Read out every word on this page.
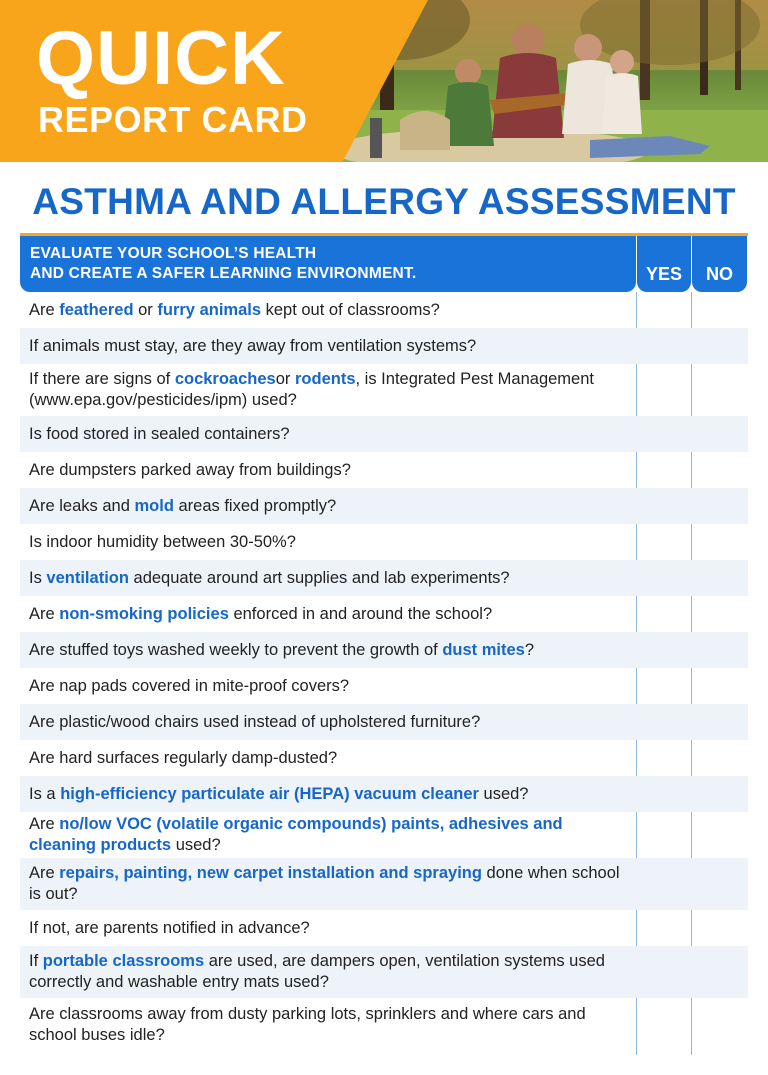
QUICK
REPORT CARD
ASTHMA AND ALLERGY ASSESSMENT
EVALUATE YOUR SCHOOL’S HEALTH
AND CREATE A SAFER LEARNING ENVIRONMENT.	YES	NO
Are feathered or furry animals kept out of classrooms?
If animals must stay, are they away from ventilation systems?
If there are signs of cockroachesor rodents, is Integrated Pest Management (www.epa.gov/pesticides/ipm) used?
Is food stored in sealed containers?
Are dumpsters parked away from buildings?
Are leaks and mold areas fixed promptly?
Is indoor humidity between 30-50%?
Is ventilation adequate around art supplies and lab experiments?
Are non-smoking policies enforced in and around the school?
Are stuffed toys washed weekly to prevent the growth of dust mites?
Are nap pads covered in mite-proof covers?
Are plastic/wood chairs used instead of upholstered furniture?
Are hard surfaces regularly damp-dusted?
Is a high-efficiency particulate air (HEPA) vacuum cleaner used?
Are no/low VOC (volatile organic compounds) paints, adhesives and cleaning products used?
Are repairs, painting, new carpet installation and spraying done when school is out?
If not, are parents notified in advance?
If portable classrooms are used, are dampers open, ventilation systems used correctly and washable entry mats used?
Are classrooms away from dusty parking lots, sprinklers and where cars and school buses idle?
